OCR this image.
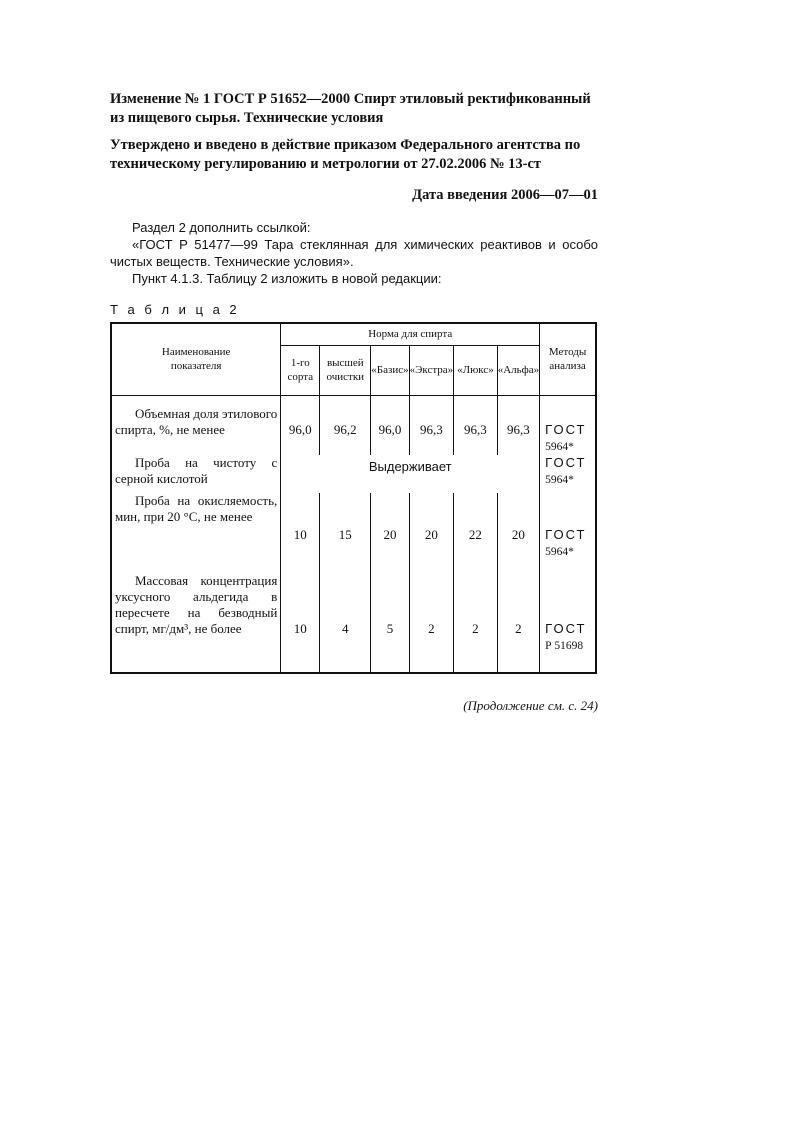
Изменение № 1 ГОСТ Р 51652—2000 Спирт этиловый ректификованный из пищевого сырья. Технические условия

Утверждено и введено в действие приказом Федерального агентства по техническому регулированию и метрологии от 27.02.2006 № 13-ст

Дата введения 2006—07—01

Раздел 2 дополнить ссылкой:

«ГОСТ Р 51477—99 Тара стеклянная для химических реактивов и особо чистых веществ. Технические условия».

Пункт 4.1.3. Таблицу 2 изложить в новой редакции:

Т а б л и ц а 2
Наименование показателя	Норма для спирта						Методы анализа
	1-го сорта	высшей очистки	«Базис»	«Экстра»	«Люкс»	«Альфа»	
Объемная доля этилового спирта, %, не менее	96,0	96,2	96,0	96,3	96,3	96,3	ГОСТ
5964*
Проба на чистоту с серной кислотой	Выдерживает						ГОСТ
5964*
Проба на окисляемость, мин, при 20 °С, не менее	10	15	20	20	22	20	ГОСТ
5964*
Массовая концентрация уксусного альдегида в пересчете на безводный спирт, мг/дм³, не более	10	4	5	2	2	2	ГОСТ
Р 51698
(Продолжение см. с. 24)
